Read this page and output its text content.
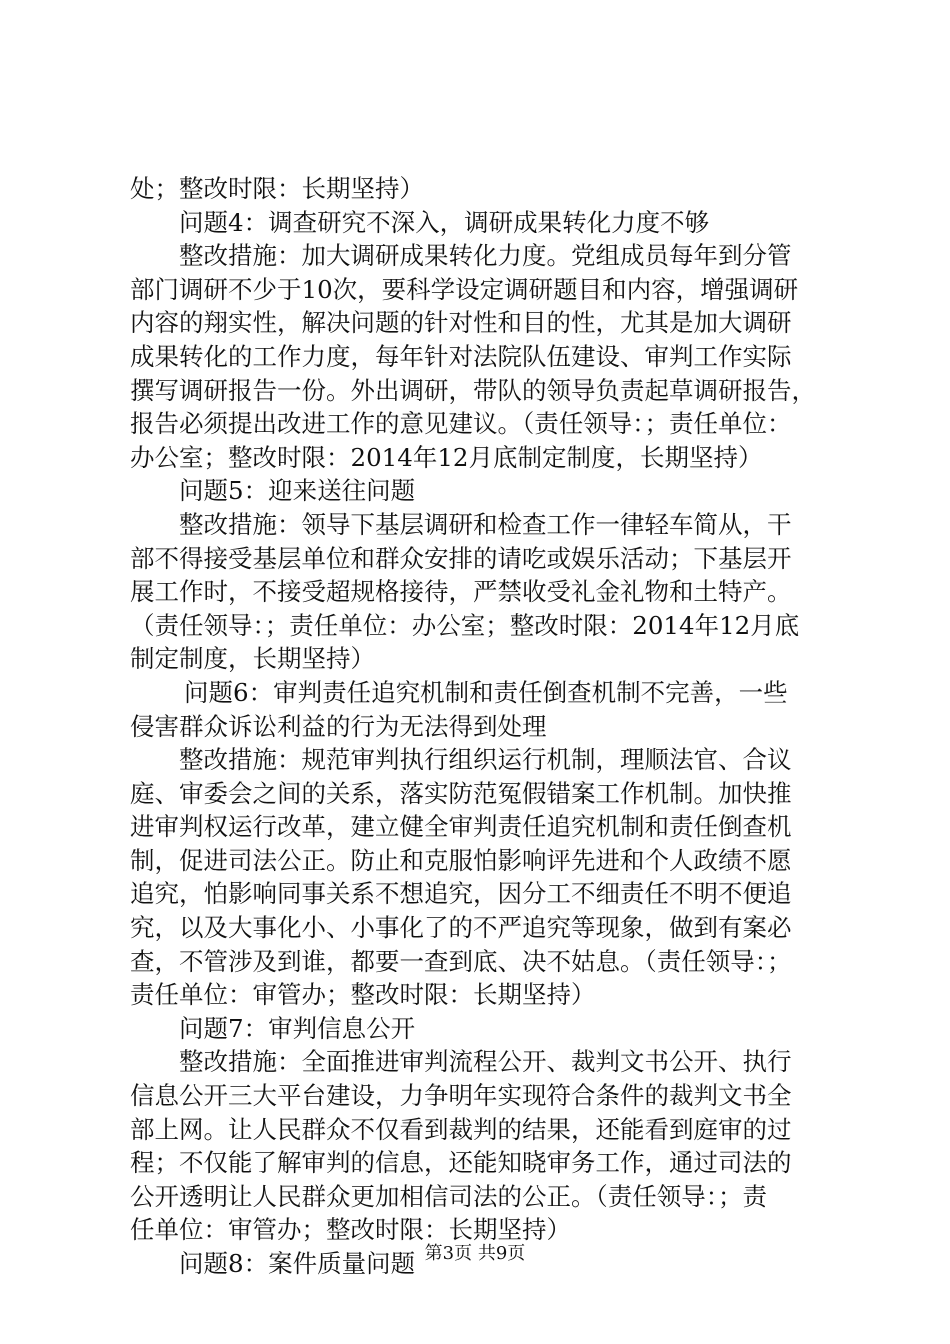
处；整改时限：长期坚持）
问题4：调查研究不深入，调研成果转化力度不够
整改措施：加大调研成果转化力度。党组成员每年到分管
部门调研不少于10次，要科学设定调研题目和内容，增强调研
内容的翔实性，解决问题的针对性和目的性，尤其是加大调研
成果转化的工作力度，每年针对法院队伍建设、审判工作实际
撰写调研报告一份。外出调研，带队的领导负责起草调研报告，
报告必须提出改进工作的意见建议。（责任领导：；责任单位：
办公室；整改时限：2014年12月底制定制度，长期坚持）
问题5：迎来送往问题
整改措施：领导下基层调研和检查工作一律轻车简从，干
部不得接受基层单位和群众安排的请吃或娱乐活动；下基层开
展工作时，不接受超规格接待，严禁收受礼金礼物和土特产。
（责任领导：；责任单位：办公室；整改时限：2014年12月底
制定制度，长期坚持）
问题6：审判责任追究机制和责任倒查机制不完善，一些
侵害群众诉讼利益的行为无法得到处理
整改措施：规范审判执行组织运行机制，理顺法官、合议
庭、审委会之间的关系，落实防范冤假错案工作机制。加快推
进审判权运行改革，建立健全审判责任追究机制和责任倒查机
制，促进司法公正。防止和克服怕影响评先进和个人政绩不愿
追究，怕影响同事关系不想追究，因分工不细责任不明不便追
究，以及大事化小、小事化了的不严追究等现象，做到有案必
查，不管涉及到谁，都要一查到底、决不姑息。（责任领导：；
责任单位：审管办；整改时限：长期坚持）
问题7：审判信息公开
整改措施：全面推进审判流程公开、裁判文书公开、执行
信息公开三大平台建设，力争明年实现符合条件的裁判文书全
部上网。让人民群众不仅看到裁判的结果，还能看到庭审的过
程；不仅能了解审判的信息，还能知晓审务工作，通过司法的
公开透明让人民群众更加相信司法的公正。（责任领导：；责
任单位：审管办；整改时限：长期坚持）
问题8：案件质量问题 第3页 共9页
